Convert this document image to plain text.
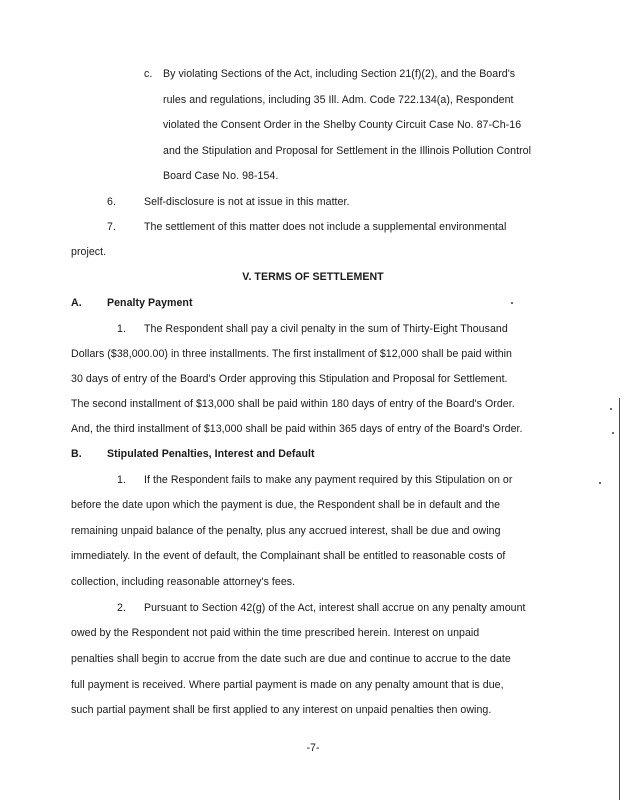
c. By violating Sections of the Act, including Section 21(f)(2), and the Board's
rules and regulations, including 35 Ill. Adm. Code 722.134(a), Respondent
violated the Consent Order in the Shelby County Circuit Case No. 87-Ch-16
and the Stipulation and Proposal for Settlement in the Illinois Pollution Control
Board Case No. 98-154.
6.	Self-disclosure is not at issue in this matter.
7.	The settlement of this matter does not include a supplemental environmental
project.
V. TERMS OF SETTLEMENT
A. Penalty Payment
1. The Respondent shall pay a civil penalty in the sum of Thirty-Eight Thousand
Dollars ($38,000.00) in three installments. The first installment of $12,000 shall be paid within
30 days of entry of the Board's Order approving this Stipulation and Proposal for Settlement.
The second installment of $13,000 shall be paid within 180 days of entry of the Board's Order.
And, the third installment of $13,000 shall be paid within 365 days of entry of the Board's Order.
B. Stipulated Penalties, Interest and Default
1. If the Respondent fails to make any payment required by this Stipulation on or
before the date upon which the payment is due, the Respondent shall be in default and the
remaining unpaid balance of the penalty, plus any accrued interest, shall be due and owing
immediately. In the event of default, the Complainant shall be entitled to reasonable costs of
collection, including reasonable attorney's fees.
2. Pursuant to Section 42(g) of the Act, interest shall accrue on any penalty amount
owed by the Respondent not paid within the time prescribed herein. Interest on unpaid
penalties shall begin to accrue from the date such are due and continue to accrue to the date
full payment is received. Where partial payment is made on any penalty amount that is due,
such partial payment shall be first applied to any interest on unpaid penalties then owing.
-7-
